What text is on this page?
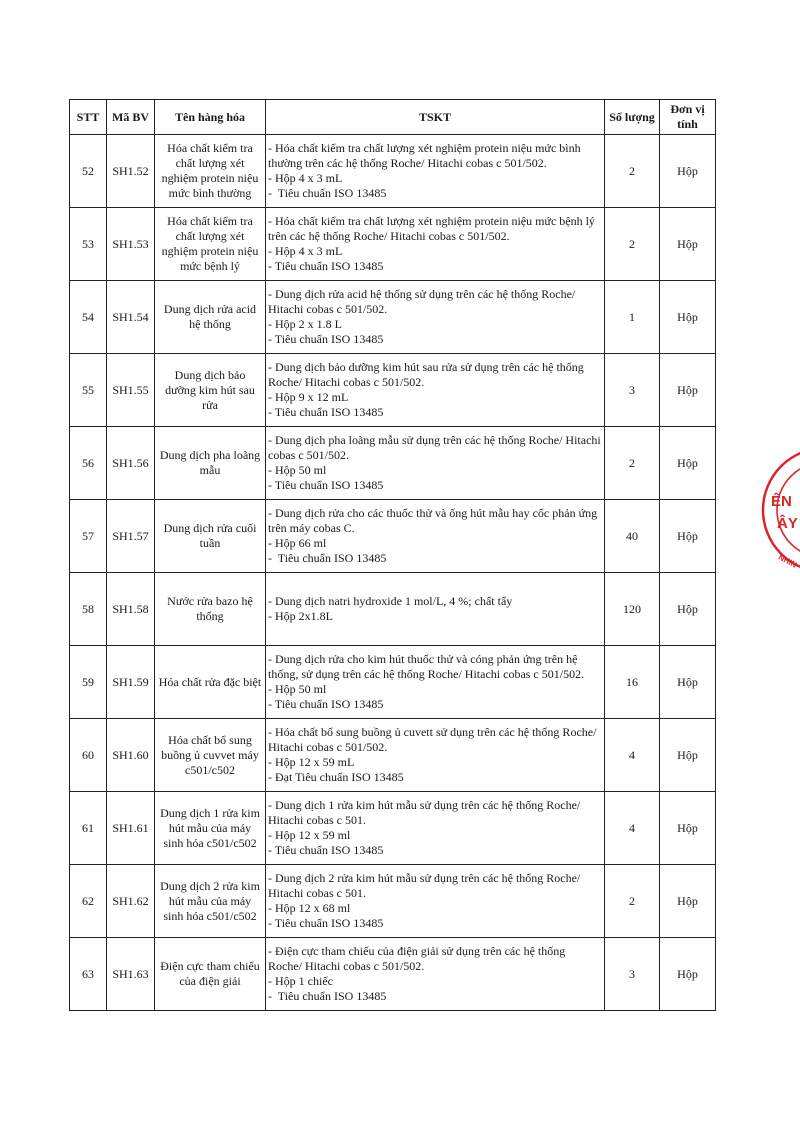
STT	Mã BV	Tên hàng hóa	TSKT	Số lượng	Đơn vị tính
52	SH1.52	Hóa chất kiểm tra chất lượng xét nghiệm protein niệu mức bình thường	- Hóa chất kiểm tra chất lượng xét nghiệm protein niệu mức bình thường trên các hệ thống Roche/ Hitachi cobas c 501/502.
- Hộp 4 x 3 mL
-  Tiêu chuẩn ISO 13485	2	Hộp
53	SH1.53	Hóa chất kiểm tra chất lượng xét nghiệm protein niệu mức bệnh lý	- Hóa chất kiểm tra chất lượng xét nghiệm protein niệu mức bệnh lý trên các hệ thống Roche/ Hitachi cobas c 501/502.
- Hộp 4 x 3 mL
- Tiêu chuẩn ISO 13485	2	Hộp
54	SH1.54	Dung dịch rửa acid hệ thống	- Dung dịch rửa acid hệ thống sử dụng trên các hệ thống Roche/ Hitachi cobas c 501/502.
- Hộp 2 x 1.8 L
- Tiêu chuẩn ISO 13485	1	Hộp
55	SH1.55	Dung dịch bảo dưỡng kim hút sau rửa	- Dung dịch bảo dưỡng kim hút sau rửa sử dụng trên các hệ thống Roche/ Hitachi cobas c 501/502.
- Hộp 9 x 12 mL
- Tiêu chuẩn ISO 13485	3	Hộp
56	SH1.56	Dung dịch pha loãng mẫu	- Dung dịch pha loãng mẫu sử dụng trên các hệ thống Roche/ Hitachi cobas c 501/502.
- Hộp 50 ml
- Tiêu chuẩn ISO 13485	2	Hộp
57	SH1.57	Dung dịch rửa cuối tuần	- Dung dịch rửa cho các thuốc thử và ống hút mẫu hay cốc phản ứng trên máy cobas C.
- Hộp 66 ml
-  Tiêu chuẩn ISO 13485	40	Hộp
58	SH1.58	Nước rửa bazo hệ thống	- Dung dịch natri hydroxide 1 mol/L, 4 %; chất tẩy
- Hộp 2x1.8L	120	Hộp
59	SH1.59	Hóa chất rửa đặc biệt	- Dung dịch rửa cho kim hút thuốc thử và cóng phản ứng trên hệ thống, sử dụng trên các hệ thống Roche/ Hitachi cobas c 501/502.
- Hộp 50 ml
- Tiêu chuẩn ISO 13485	16	Hộp
60	SH1.60	Hóa chất bổ sung buồng ủ cuvvet máy c501/c502	- Hóa chất bổ sung buồng ủ cuvett sử dụng trên các hệ thống Roche/ Hitachi cobas c 501/502.
- Hộp 12 x 59 mL
- Đạt Tiêu chuẩn ISO 13485	4	Hộp
61	SH1.61	Dung dịch 1 rửa kim hút mẫu của máy sinh hóa c501/c502	- Dung dịch 1 rửa kim hút mẫu sử dụng trên các hệ thống Roche/ Hitachi cobas c 501.
- Hộp 12 x 59 ml
- Tiêu chuẩn ISO 13485	4	Hộp
62	SH1.62	Dung dịch 2 rửa kim hút mẫu của máy sinh hóa c501/c502	- Dung dịch 2 rửa kim hút mẫu sử dụng trên các hệ thống Roche/ Hitachi cobas c 501.
- Hộp 12 x 68 ml
- Tiêu chuẩn ISO 13485	2	Hộp
63	SH1.63	Điện cực tham chiếu của điện giải	- Điện cực tham chiếu của điện giải sử dụng trên các hệ thống Roche/ Hitachi cobas c 501/502.
- Hộp 1 chiếc
-  Tiêu chuẩn ISO 13485	3	Hộp
ÊN
ÂY
NHIN
